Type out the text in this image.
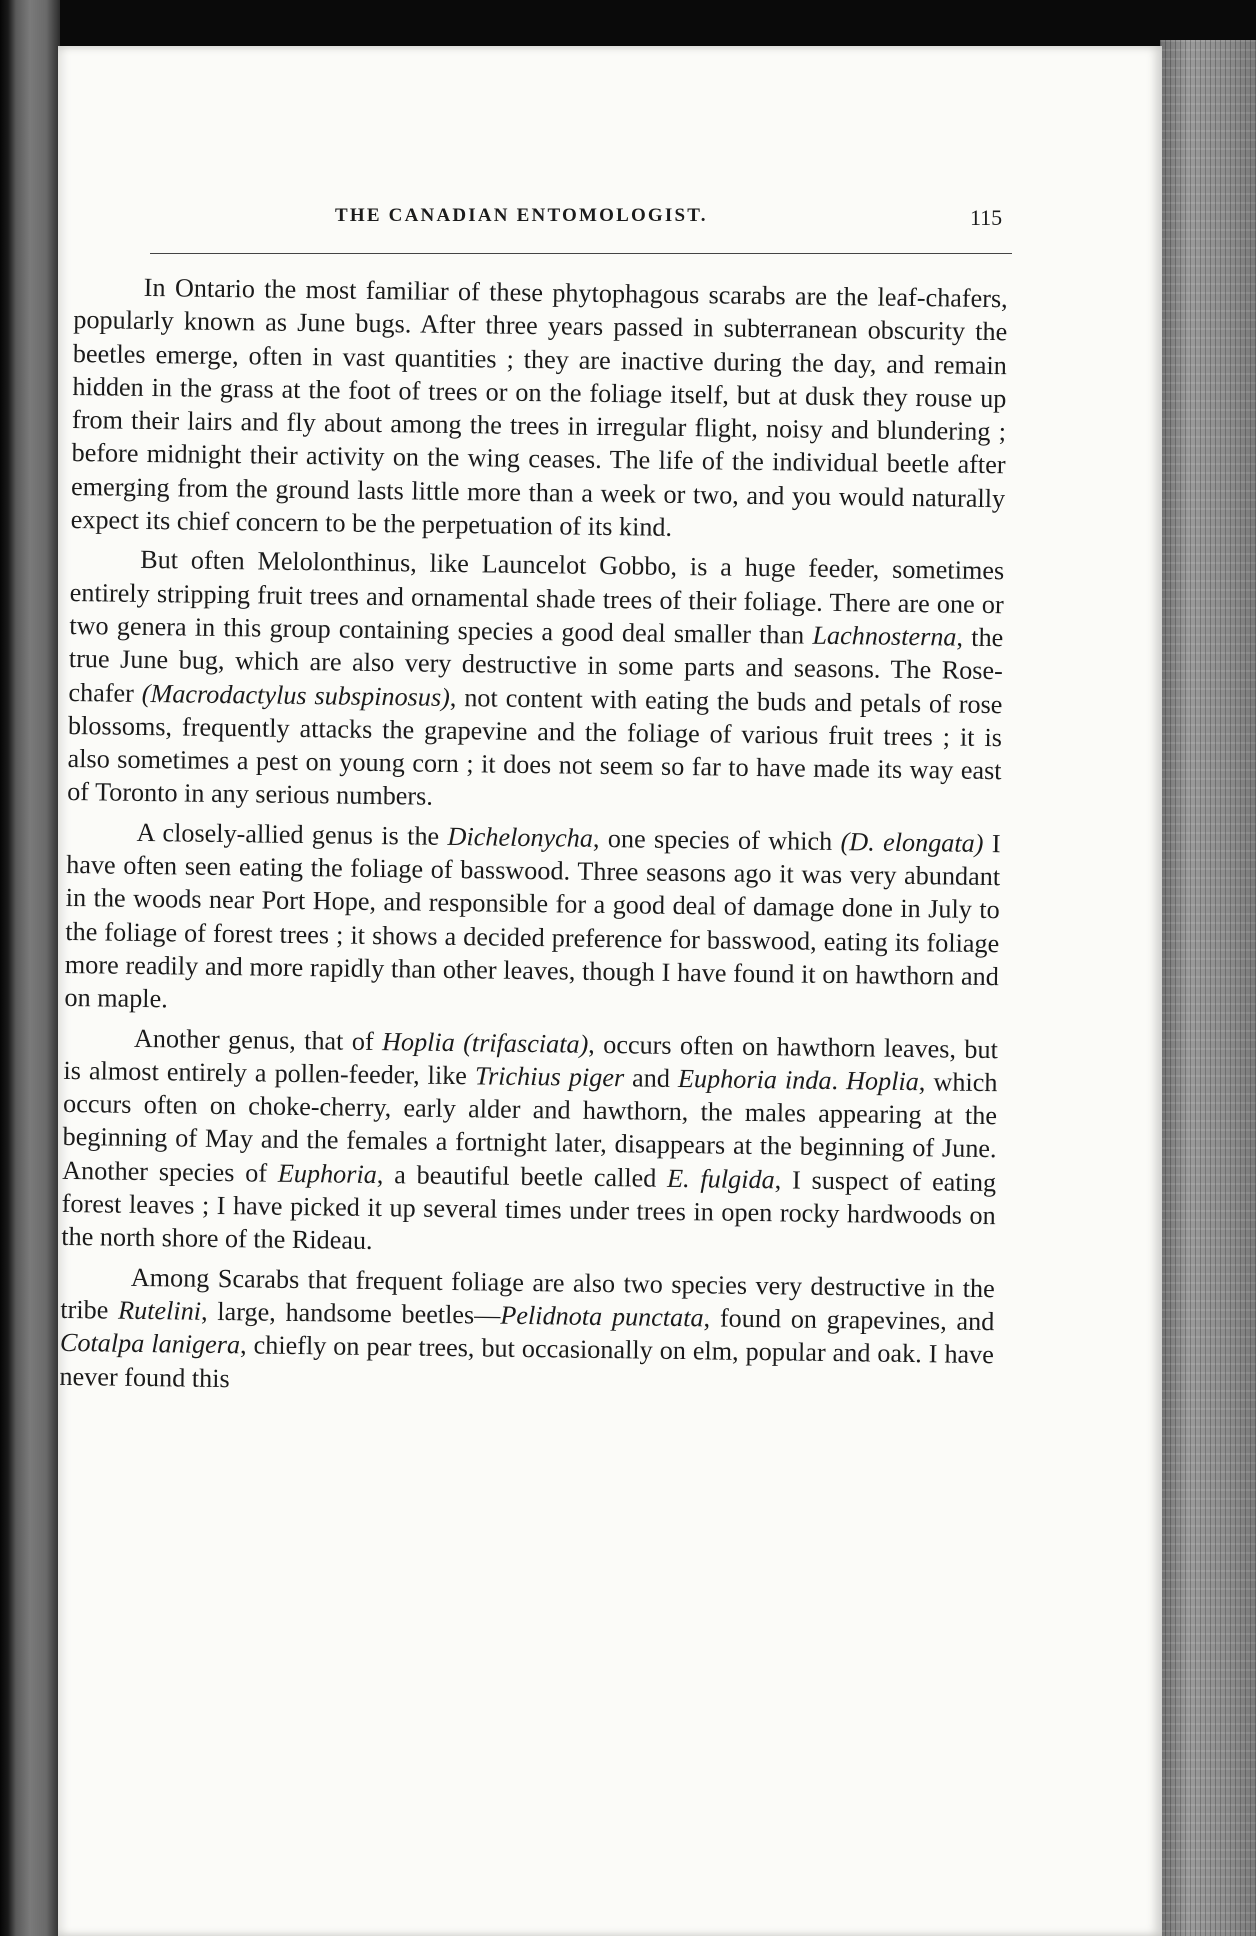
THE CANADIAN ENTOMOLOGIST.	115

In Ontario the most familiar of these phytophagous scarabs are the leaf-chafers, popularly known as June bugs. After three years passed in subterranean obscurity the beetles emerge, often in vast quantities ; they are inactive during the day, and remain hidden in the grass at the foot of trees or on the foliage itself, but at dusk they rouse up from their lairs and fly about among the trees in irregular flight, noisy and blundering ; before midnight their activity on the wing ceases. The life of the individual beetle after emerging from the ground lasts little more than a week or two, and you would naturally expect its chief concern to be the perpetuation of its kind.

But often Melolonthinus, like Launcelot Gobbo, is a huge feeder, sometimes entirely stripping fruit trees and ornamental shade trees of their foliage. There are one or two genera in this group containing species a good deal smaller than Lachnosterna, the true June bug, which are also very destructive in some parts and seasons. The Rose-chafer (Macrodactylus subspinosus), not content with eating the buds and petals of rose blossoms, frequently attacks the grapevine and the foliage of various fruit trees ; it is also sometimes a pest on young corn ; it does not seem so far to have made its way east of Toronto in any serious numbers.

A closely-allied genus is the Dichelonycha, one species of which (D. elongata) I have often seen eating the foliage of basswood. Three seasons ago it was very abundant in the woods near Port Hope, and responsible for a good deal of damage done in July to the foliage of forest trees ; it shows a decided preference for basswood, eating its foliage more readily and more rapidly than other leaves, though I have found it on hawthorn and on maple.

Another genus, that of Hoplia (trifasciata), occurs often on hawthorn leaves, but is almost entirely a pollen-feeder, like Trichius piger and Euphoria inda. Hoplia, which occurs often on choke-cherry, early alder and hawthorn, the males appearing at the beginning of May and the females a fortnight later, disappears at the beginning of June. Another species of Euphoria, a beautiful beetle called E. fulgida, I suspect of eating forest leaves ; I have picked it up several times under trees in open rocky hardwoods on the north shore of the Rideau.

Among Scarabs that frequent foliage are also two species very destructive in the tribe Rutelini, large, handsome beetles—Pelidnota punctata, found on grapevines, and Cotalpa lanigera, chiefly on pear trees, but occasionally on elm, popular and oak. I have never found this
